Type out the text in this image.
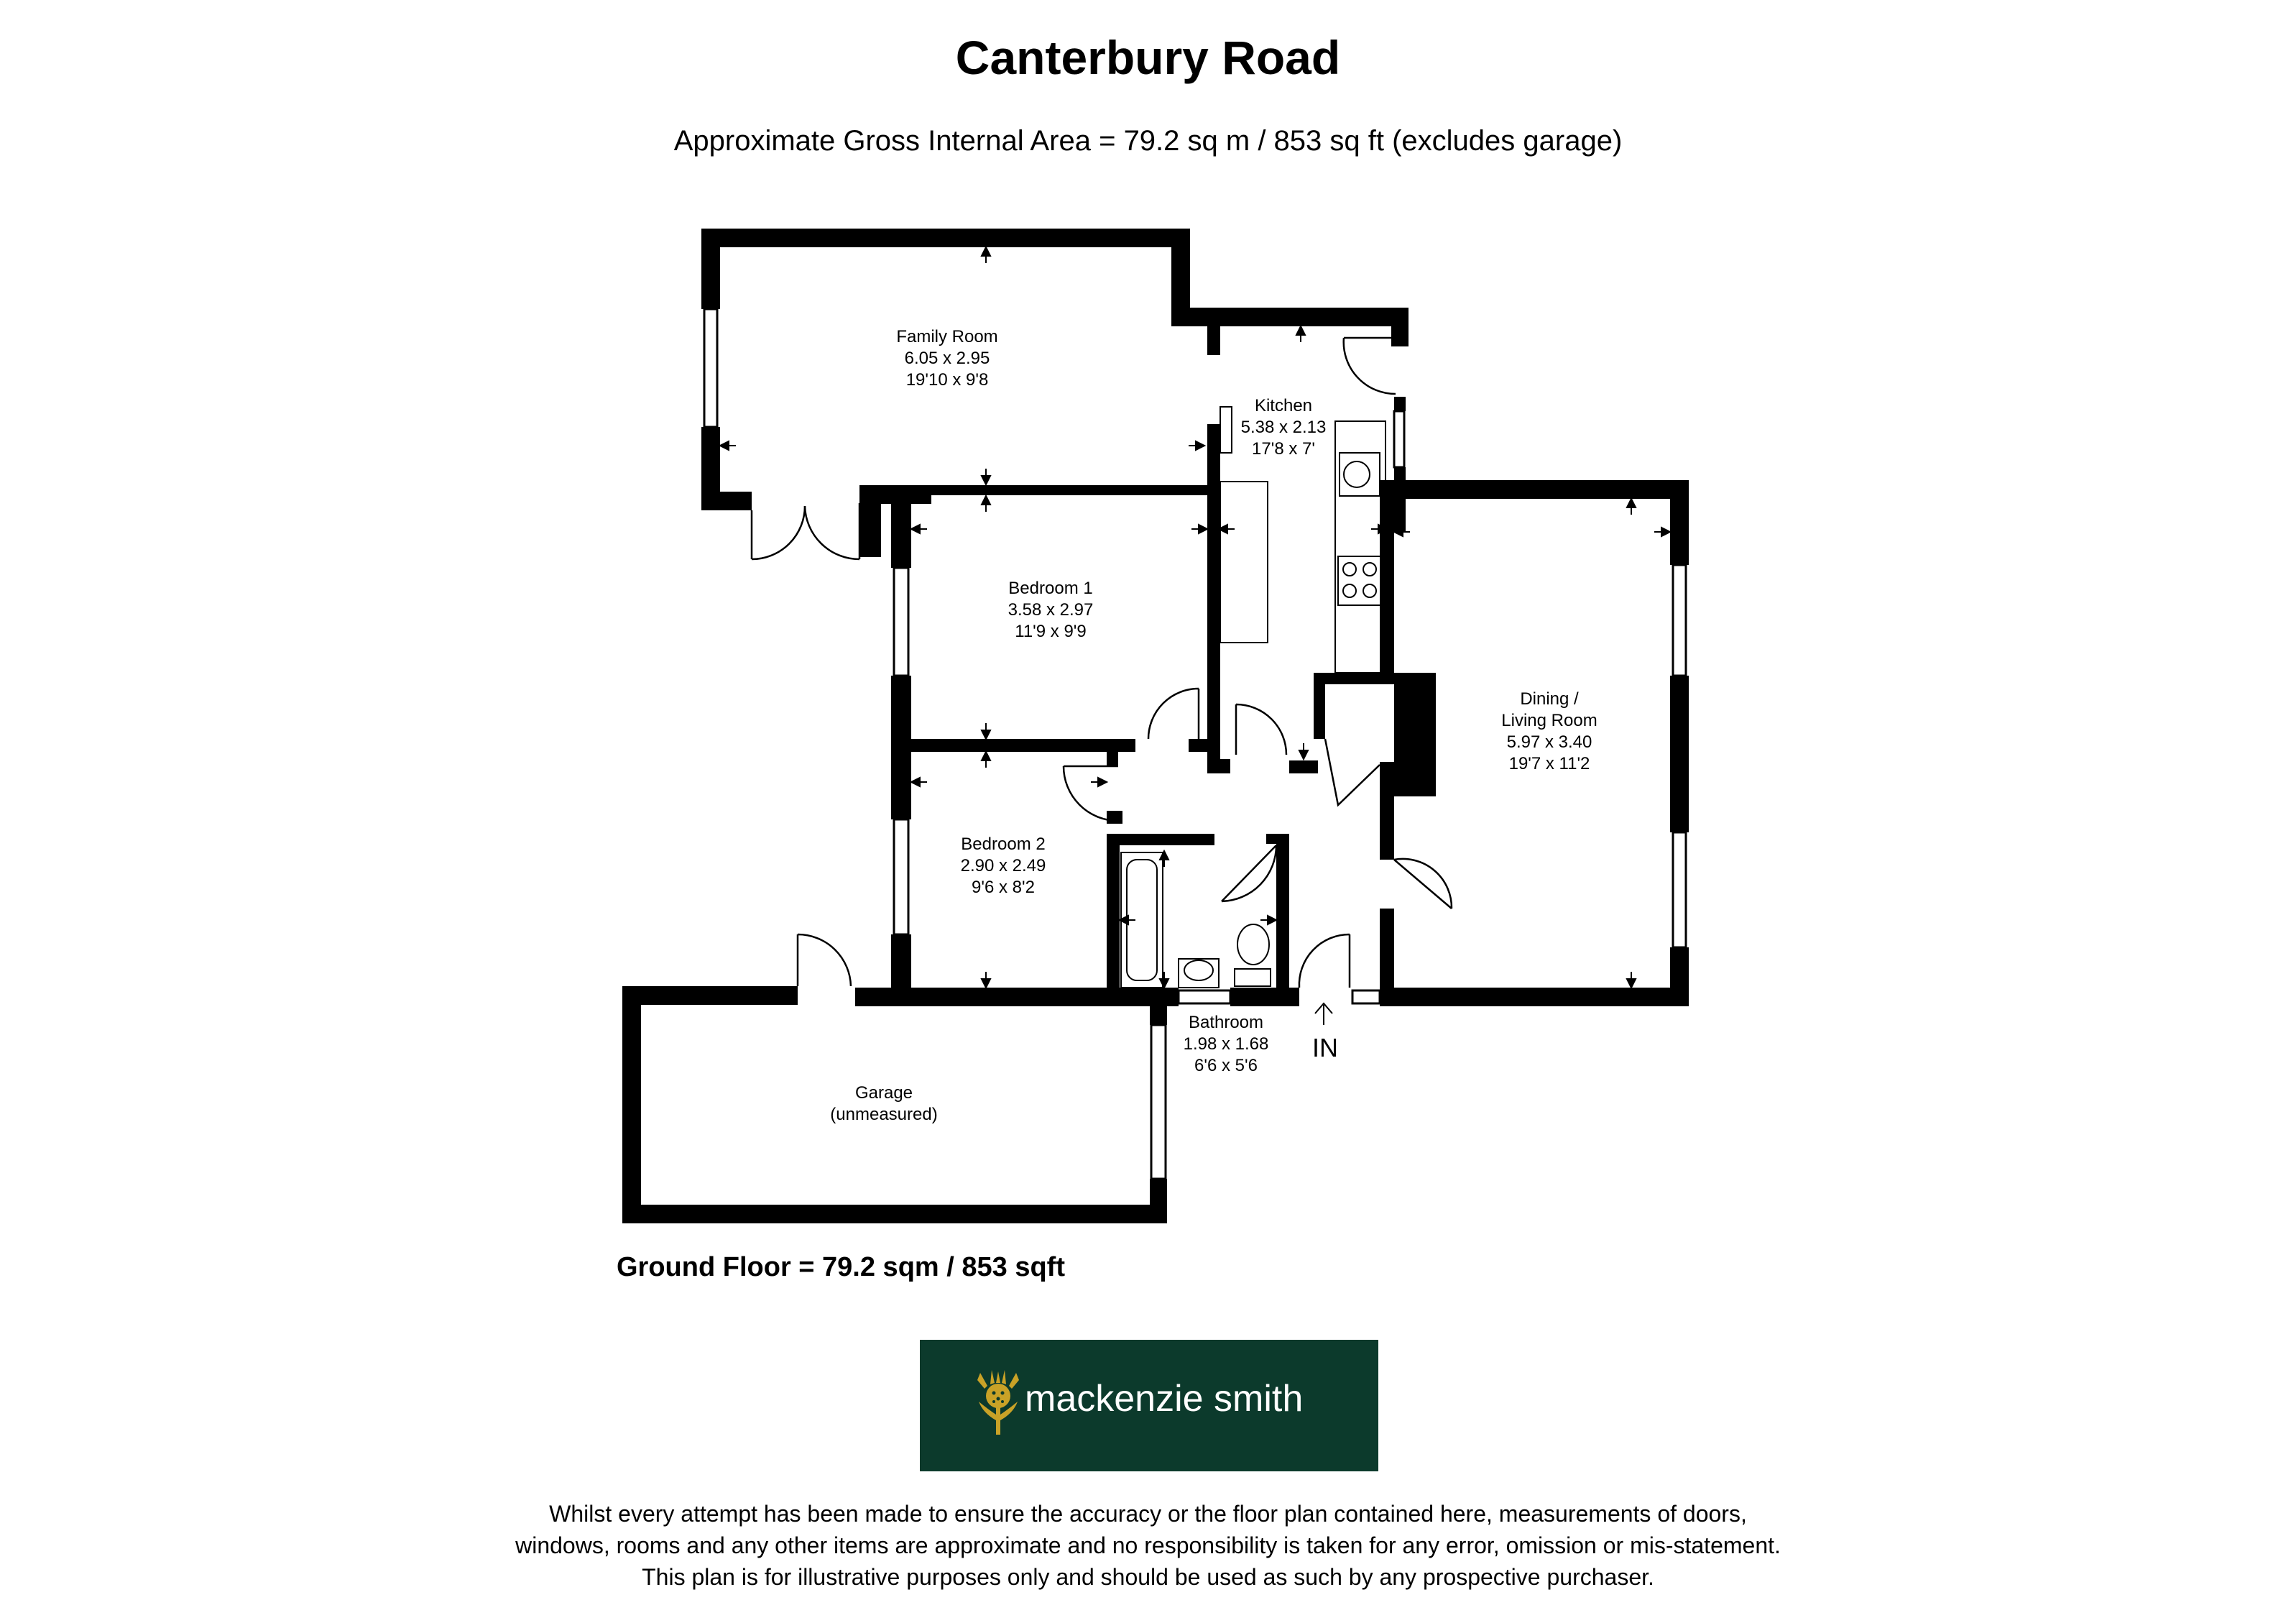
Canterbury Road
Approximate Gross Internal Area = 79.2 sq m / 853 sq ft (excludes garage)
Family Room
6.05 x 2.95
19'10 x 9'8
Kitchen
5.38 x 2.13
17'8 x 7'
Bedroom 1
3.58 x 2.97
11'9 x 9'9
Bedroom 2
2.90 x 2.49
9'6 x 8'2
Dining /
Living Room
5.97 x 3.40
19'7 x 11'2
Bathroom
1.98 x 1.68
6'6 x 5'6
Garage
(unmeasured)
IN
Ground Floor = 79.2 sqm / 853 sqft
mackenzie smith
Whilst every attempt has been made to ensure the accuracy or the floor plan contained here, measurements of doors,
windows, rooms and any other items are approximate and no responsibility is taken for any error, omission or mis-statement.
This plan is for illustrative purposes only and should be used as such by any prospective purchaser.
